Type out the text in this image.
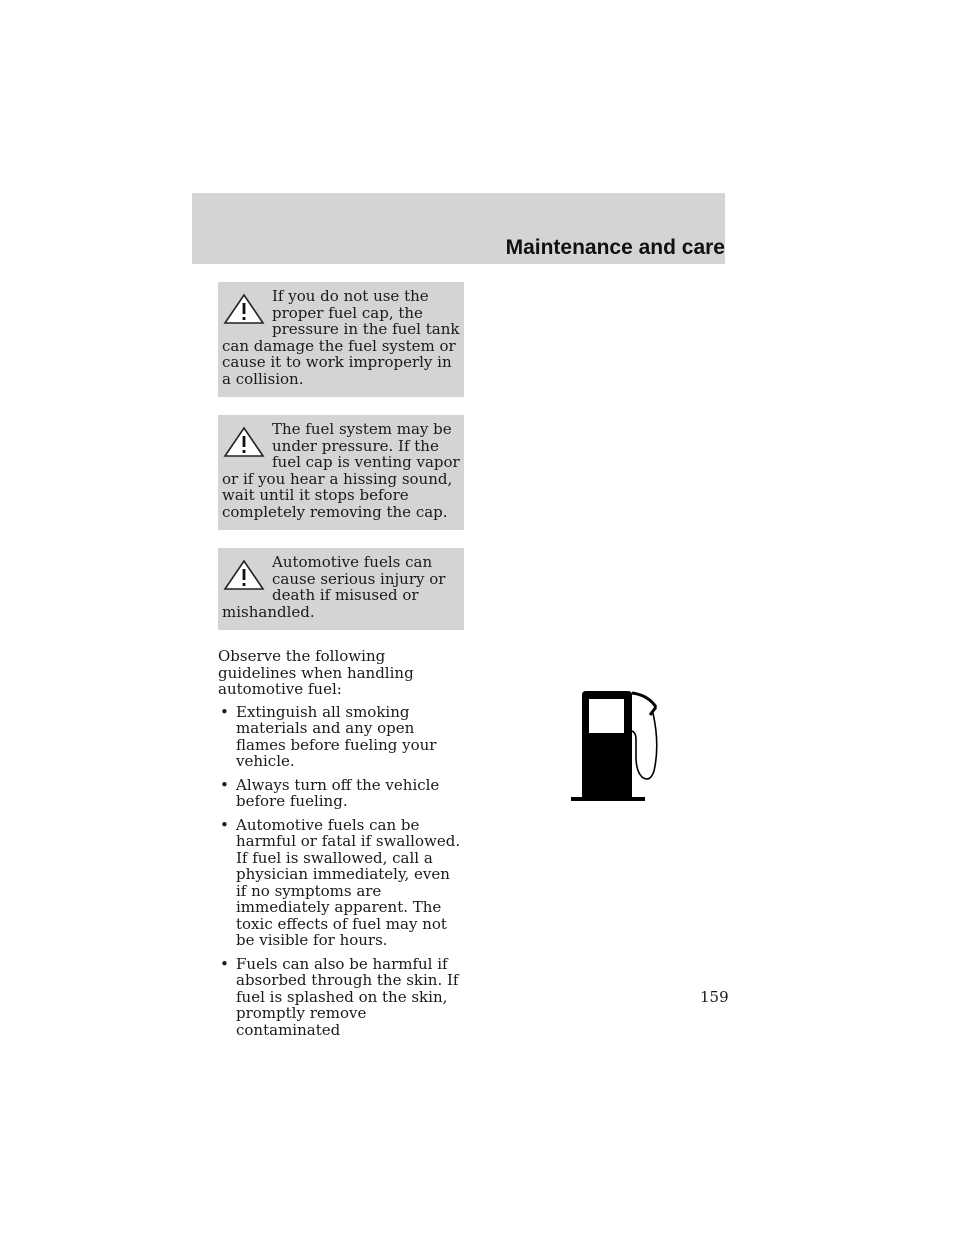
Maintenance and care

If you do not use the proper fuel cap, the pressure in the fuel tank can damage the fuel system or cause it to work improperly in a collision.

The fuel system may be under pressure. If the fuel cap is venting vapor or if you hear a hissing sound, wait until it stops before completely removing the cap.

Automotive fuels can cause serious injury or death if misused or mishandled.

Observe the following guidelines when handling automotive fuel:

• Extinguish all smoking materials and any open flames before fueling your vehicle.
• Always turn off the vehicle before fueling.
• Automotive fuels can be harmful or fatal if swallowed. If fuel is swallowed, call a physician immediately, even if no symptoms are immediately apparent. The toxic effects of fuel may not be visible for hours.
• Fuels can also be harmful if absorbed through the skin. If fuel is splashed on the skin, promptly remove contaminated
159
